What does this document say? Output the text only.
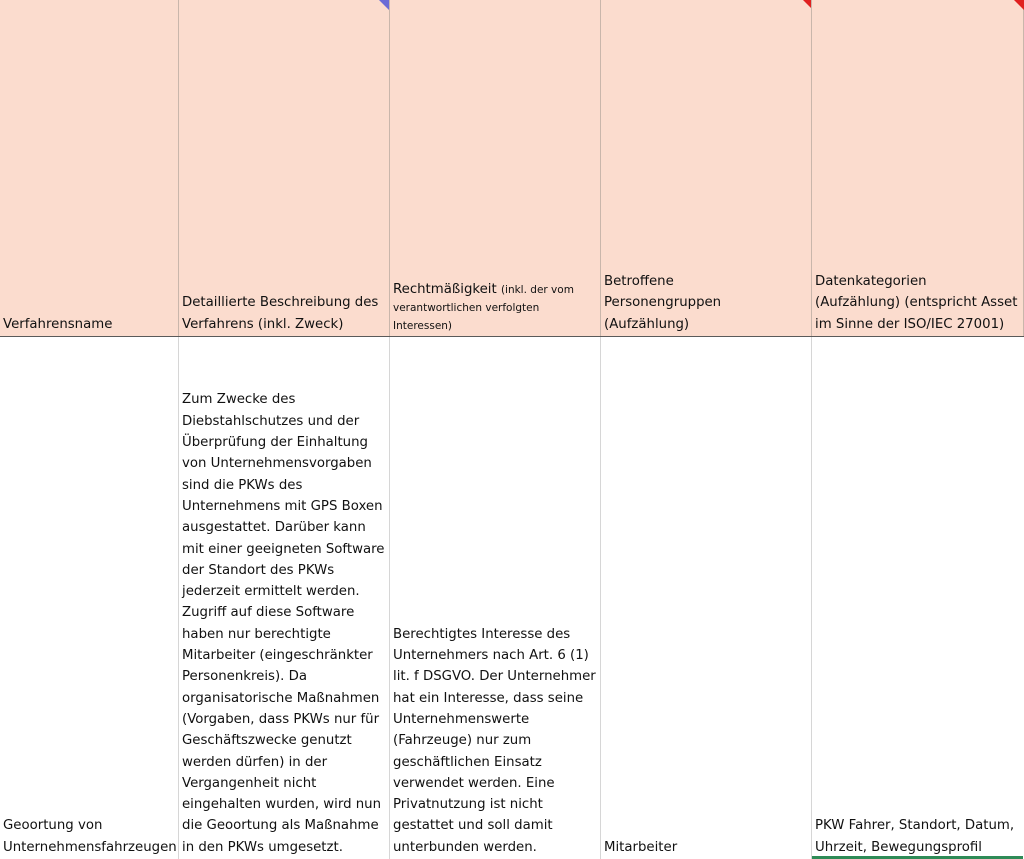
Verfahrensname
Detaillierte Beschreibung des Verfahrens (inkl. Zweck)
Rechtmäßigkeit (inkl. der vom verantwortlichen verfolgten Interessen)
Betroffene
Personengruppen
(Aufzählung)
Datenkategorien
(Aufzählung) (entspricht Asset
im Sinne der ISO/IEC 27001)
Geoortung von
Unternehmensfahrzeugen
Zum Zwecke des
Diebstahlschutzes und der
Überprüfung der Einhaltung
von Unternehmensvorgaben
sind die PKWs des
Unternehmens mit GPS Boxen
ausgestattet. Darüber kann
mit einer geeigneten Software
der Standort des PKWs
jederzeit ermittelt werden.
Zugriff auf diese Software
haben nur berechtigte
Mitarbeiter (eingeschränkter
Personenkreis). Da
organisatorische Maßnahmen
(Vorgaben, dass PKWs nur für
Geschäftszwecke genutzt
werden dürfen) in der
Vergangenheit nicht
eingehalten wurden, wird nun
die Geoortung als Maßnahme
in den PKWs umgesetzt.
Berechtigtes Interesse des
Unternehmers nach Art. 6 (1)
lit. f DSGVO. Der Unternehmer
hat ein Interesse, dass seine
Unternehmenswerte
(Fahrzeuge) nur zum
geschäftlichen Einsatz
verwendet werden. Eine
Privatnutzung ist nicht
gestattet und soll damit
unterbunden werden.	Mitarbeiter
PKW Fahrer, Standort, Datum,
Uhrzeit, Bewegungsprofil
